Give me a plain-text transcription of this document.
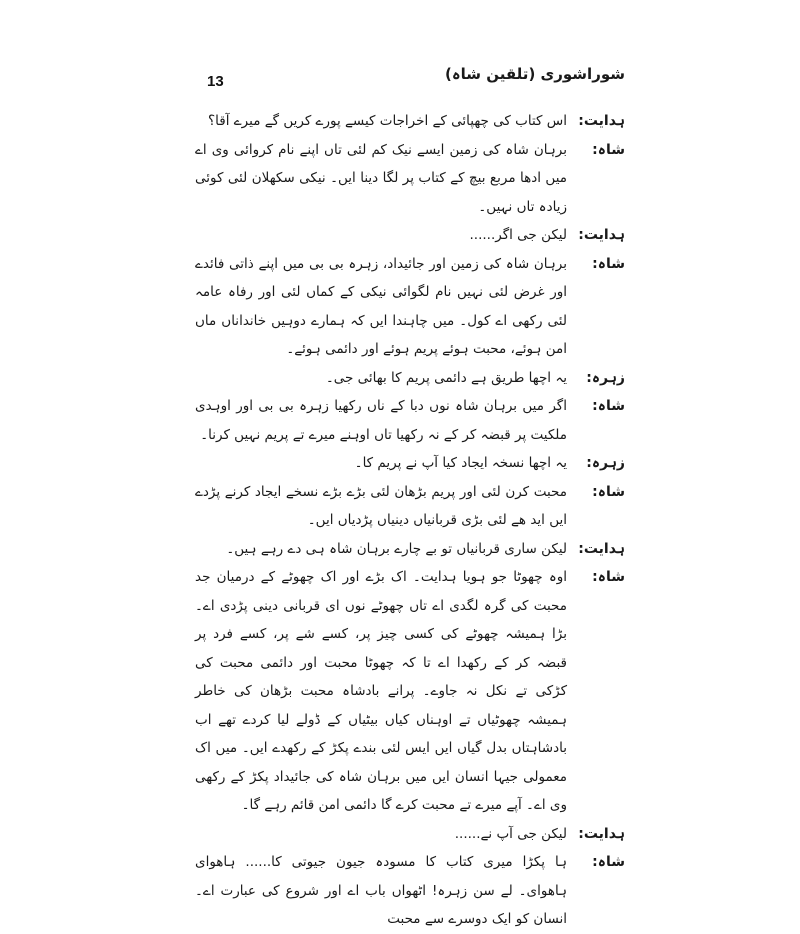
13	شوراشوری (تلقین شاہ)
ہدایت:
اس کتاب کی چھپائی کے اخراجات کیسے پورے کریں گے میرے آقا؟
شاہ:
برہان شاہ کی زمین ایسے نیک کم لئی تاں اپنے نام کروائی وی اے میں ادھا مربع بیچ کے کتاب پر لگا دینا ایں۔ نیکی سکھلان لئی کوئی زیادہ تاں نہیں۔
ہدایت:
لیکن جی اگر......
شاہ:
برہان شاہ کی زمین اور جائیداد، زہرہ بی بی میں اپنے ذاتی فائدے اور غرض لئی نہیں نام لگوائی نیکی کے کماں لئی اور رفاہ عامہ لئی رکھی اے کول۔ میں چاہندا ایں کہ ہمارے دوہیں خانداناں ماں امن ہوئے، محبت ہوئے پریم ہوئے اور دائمی ہوئے۔
زہرہ:
یہ اچھا طریق ہے دائمی پریم کا بھائی جی۔
شاہ:
اگر میں برہان شاہ نوں دبا کے ناں رکھیا زہرہ بی بی اور اوہدی ملکیت پر قبضہ کر کے نہ رکھیا تاں اوہنے میرے تے پریم نہیں کرنا۔
زہرہ:
یہ اچھا نسخہ ایجاد کیا آپ نے پریم کا۔
شاہ:
محبت کرن لئی اور پریم بڑھان لئی بڑے بڑے نسخے ایجاد کرنے پڑدے ایں اید ھے لئی بڑی قربانیاں دینیاں پڑدیاں ایں۔
ہدایت:
لیکن ساری قربانیاں تو بے چارے برہان شاہ ہی دے رہے ہیں۔
شاہ:
اوہ چھوٹا جو ہویا ہدایت۔ اک بڑے اور اک چھوٹے کے درمیان جد محبت کی گرہ لگدی اے تاں چھوٹے نوں ای قربانی دینی پڑدی اے۔ بڑا ہمیشہ چھوٹے کی کسی چیز پر، کسے شے پر، کسے فرد پر قبضہ کر کے رکھدا اے تا کہ چھوٹا محبت اور دائمی محبت کی کڑکی تے نکل نہ جاوے۔ پرانے بادشاہ محبت بڑھان کی خاطر ہمیشہ چھوٹیاں تے اوہناں کیاں بیٹیاں کے ڈولے لیا کردے تھے اب بادشاہتاں بدل گیاں ایں ایس لئی بندے پکڑ کے رکھدے ایں۔ میں اک معمولی جیہا انسان ایں میں برہان شاہ کی جائیداد پکڑ کے رکھی وی اے۔ آپے میرے تے محبت کرے گا دائمی امن قائم رہے گا۔
ہدایت:
لیکن جی آپ نے......
شاہ:
ہا پکڑا میری کتاب کا مسودہ جیون جیوتی کا...... ہاھوای ہاھوای۔ لے سن زہرہ! اٹھواں باب اے اور شروع کی عبارت اے۔ انسان کو ایک دوسرے سے محبت
